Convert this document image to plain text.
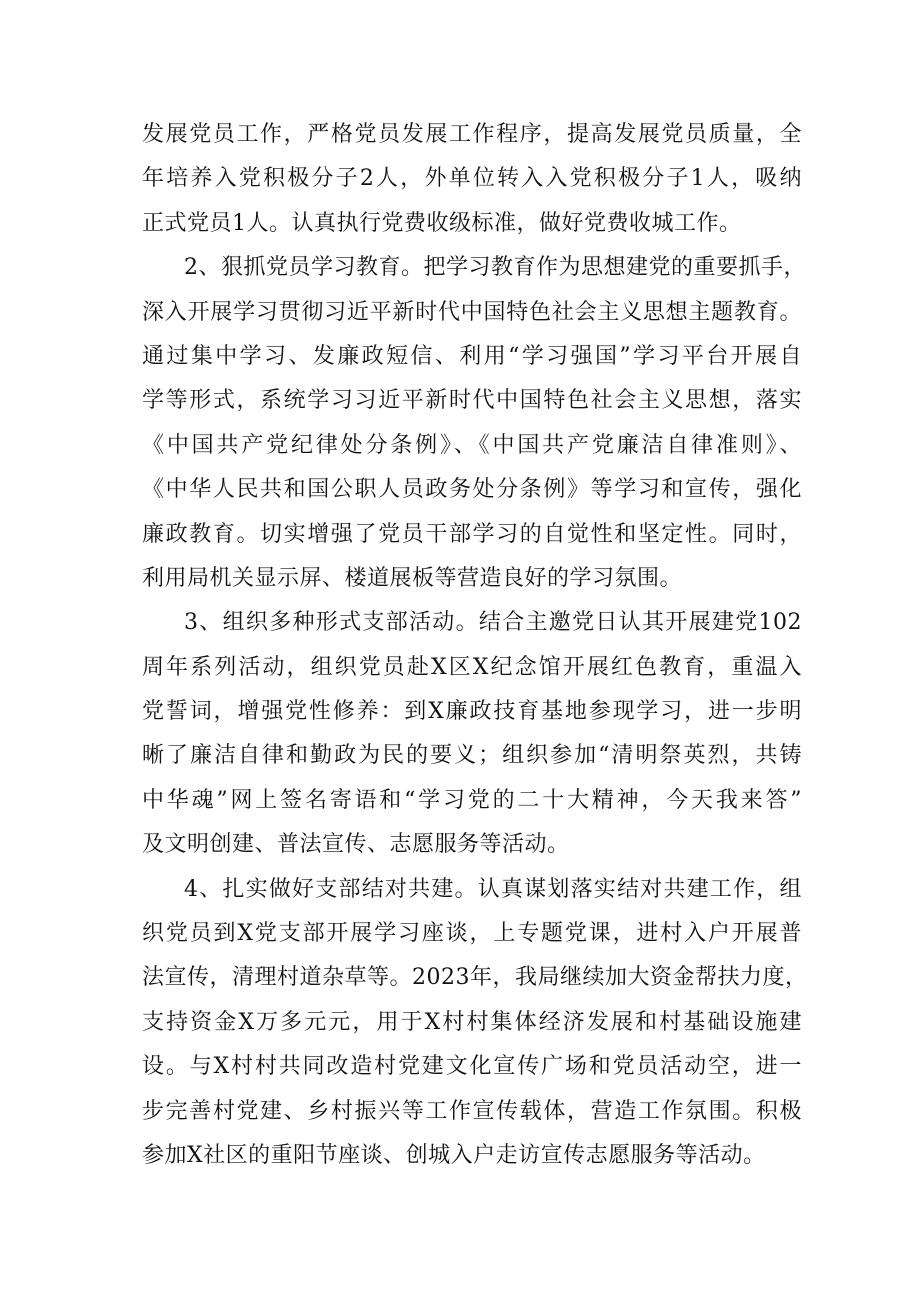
发展党员工作，严格党员发展工作程序，提高发展党员质量，全
年培养入党积极分子2人，外单位转入入党积极分子1人，吸纳
正式党员1人。认真执行党费收级标准，做好党费收城工作。
2、狠抓党员学习教育。把学习教育作为思想建党的重要抓手，
深入开展学习贯彻习近平新时代中国特色社会主义思想主题教育。
通过集中学习、发廉政短信、利用“学习强国”学习平台开展自
学等形式，系统学习习近平新时代中国特色社会主义思想，落实
《中国共产党纪律处分条例》、《中国共产党廉洁自律准则》、
《中华人民共和国公职人员政务处分条例》等学习和宣传，强化
廉政教育。切实增强了党员干部学习的自觉性和坚定性。同时，
利用局机关显示屏、楼道展板等营造良好的学习氛围。
3、组织多种形式支部活动。结合主邀党日认其开展建党102
周年系列活动，组织党员赴X区X纪念馆开展红色教育，重温入
党誓词，增强党性修养：到X廉政技育基地参现学习，进一步明
晰了廉洁自律和勤政为民的要义；组织参加“清明祭英烈，共铸
中华魂”网上签名寄语和“学习党的二十大精神，今天我来答”
及文明创建、普法宣传、志愿服务等活动。
4、扎实做好支部结对共建。认真谋划落实结对共建工作，组
织党员到X党支部开展学习座谈，上专题党课，进村入户开展普
法宣传，清理村道杂草等。2023年，我局继续加大资金帮扶力度，
支持资金X万多元元，用于X村村集体经济发展和村基础设施建
设。与X村村共同改造村党建文化宣传广场和党员活动空，进一
步完善村党建、乡村振兴等工作宣传载体，营造工作氛围。积极
参加X社区的重阳节座谈、创城入户走访宣传志愿服务等活动。
